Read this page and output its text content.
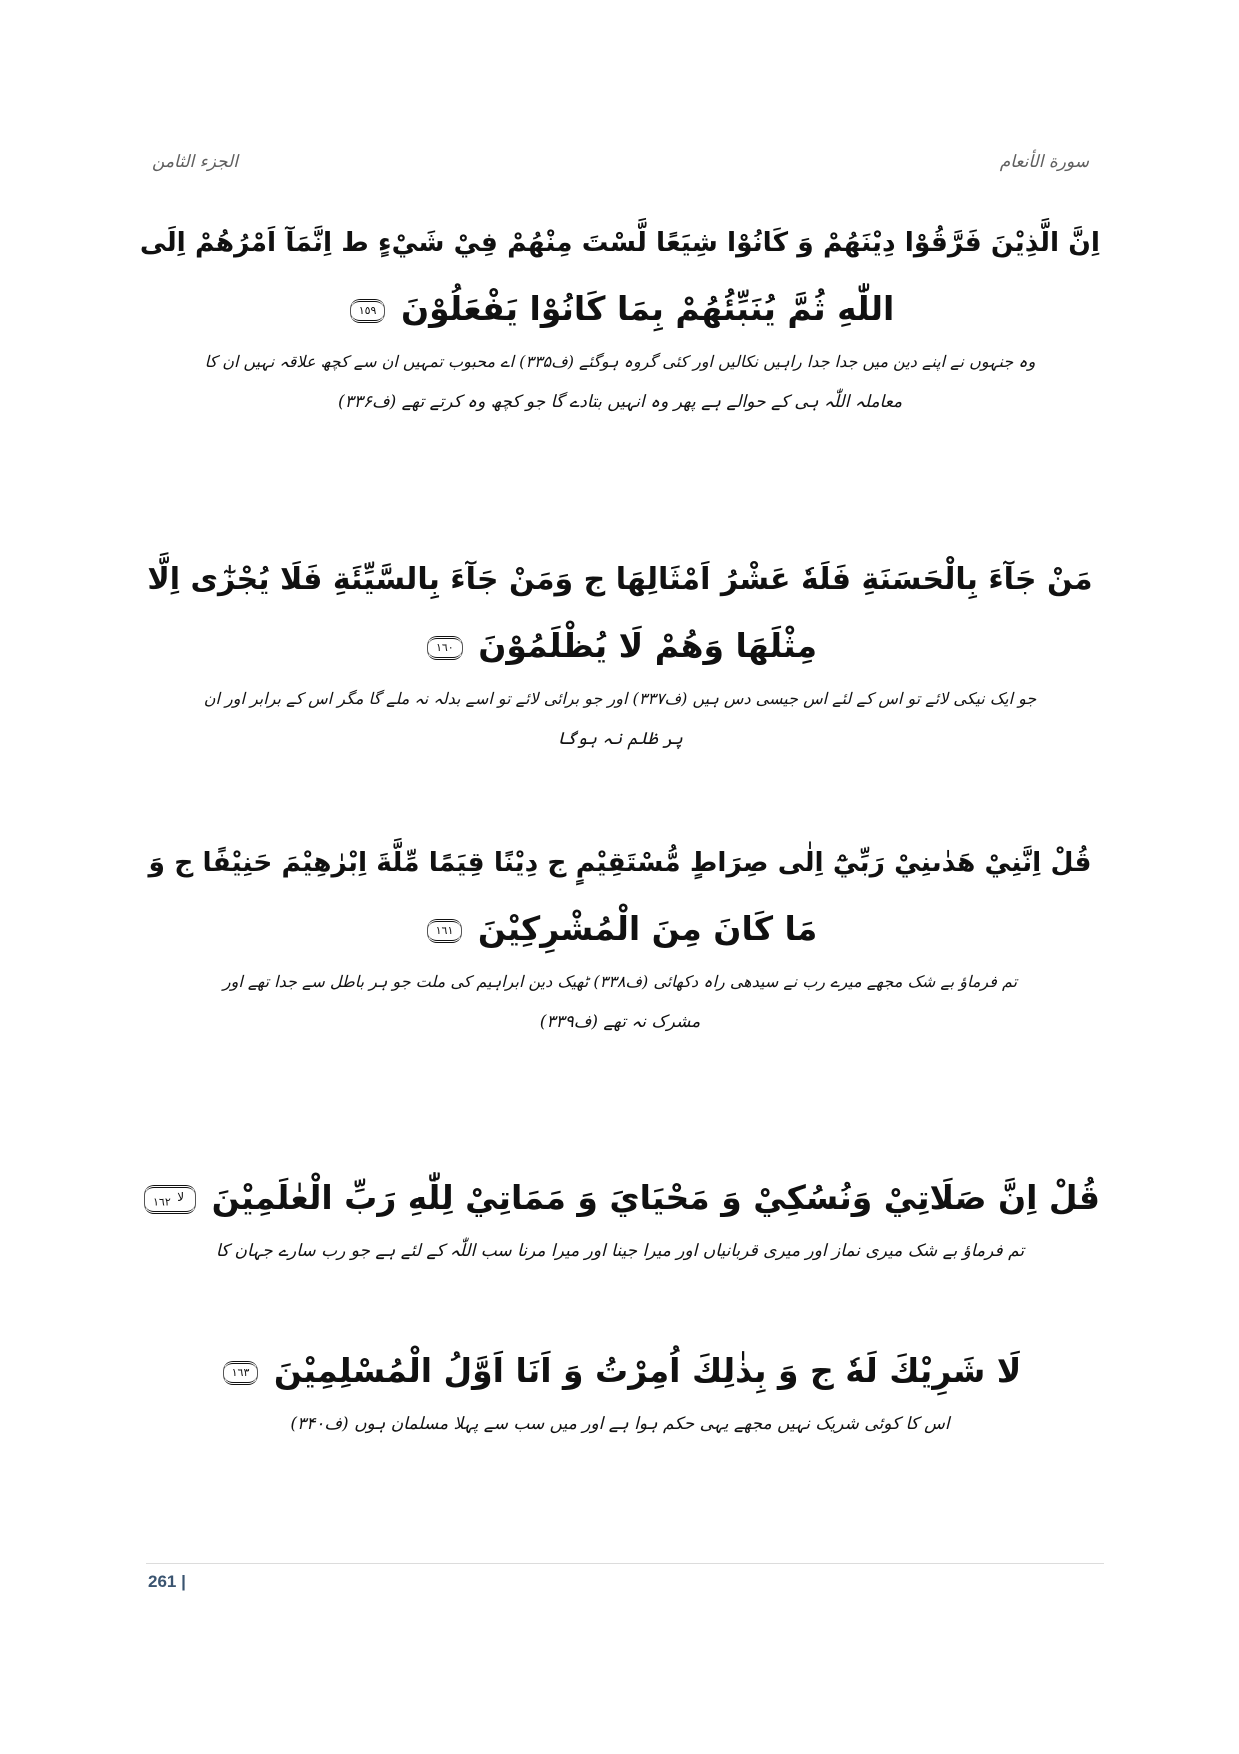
الجزء الثامن	سورة الأنعام
اِنَّ الَّذِيْنَ فَرَّقُوْا دِيْنَهُمْ وَ كَانُوْا شِيَعًا لَّسْتَ مِنْهُمْ فِيْ شَيْءٍ ط اِنَّمَآ اَمْرُهُمْ اِلَى
اللّٰهِ ثُمَّ يُنَبِّئُهُمْ بِمَا كَانُوْا يَفْعَلُوْنَ ١٥٩
وہ جنہوں نے اپنے دین میں جدا جدا راہیں نکالیں اور کئی گروہ ہوگئے (ف۳۳۵) اے محبوب تمہیں ان سے کچھ علاقہ نہیں ان کا
معاملہ اللّٰہ ہی کے حوالے ہے پھر وہ انہیں بتادے گا جو کچھ وہ کرتے تھے (ف۳۳۶)
مَنْ جَآءَ بِالْحَسَنَةِ فَلَهٗ عَشْرُ اَمْثَالِهَا ج وَمَنْ جَآءَ بِالسَّيِّئَةِ فَلَا يُجْزٰٓى اِلَّا
مِثْلَهَا وَهُمْ لَا يُظْلَمُوْنَ ١٦٠
جو ایک نیکی لائے تو اس کے لئے اس جیسی دس ہیں (ف۳۳۷) اور جو برائی لائے تو اسے بدلہ نہ ملے گا مگر اس کے برابر اور ان
پر ظلم نہ ہوگا
قُلْ اِنَّنِيْ هَدٰىنِيْ رَبِّيْٓ اِلٰى صِرَاطٍ مُّسْتَقِيْمٍ ج دِيْنًا قِيَمًا مِّلَّةَ اِبْرٰهِيْمَ حَنِيْفًا ج وَ
مَا كَانَ مِنَ الْمُشْرِكِيْنَ ١٦١
تم فرماؤ بے شک مجھے میرے رب نے سیدھی راہ دکھائی (ف۳۳۸) ٹھیک دین ابراہیم کی ملت جو ہر باطل سے جدا تھے اور
مشرک نہ تھے (ف۳۳۹)
قُلْ اِنَّ صَلَاتِيْ وَنُسُكِيْ وَ مَحْيَايَ وَ مَمَاتِيْ لِلّٰهِ رَبِّ الْعٰلَمِيْنَ لا ١٦٢
تم فرماؤ بے شک میری نماز اور میری قربانیاں اور میرا جینا اور میرا مرنا سب اللّٰہ کے لئے ہے جو رب سارے جہان کا
لَا شَرِيْكَ لَهٗ ج وَ بِذٰلِكَ اُمِرْتُ وَ اَنَا اَوَّلُ الْمُسْلِمِيْنَ ١٦٣
اس کا کوئی شریک نہیں مجھے یہی حکم ہوا ہے اور میں سب سے پہلا مسلمان ہوں (ف۳۴۰)
261 |
